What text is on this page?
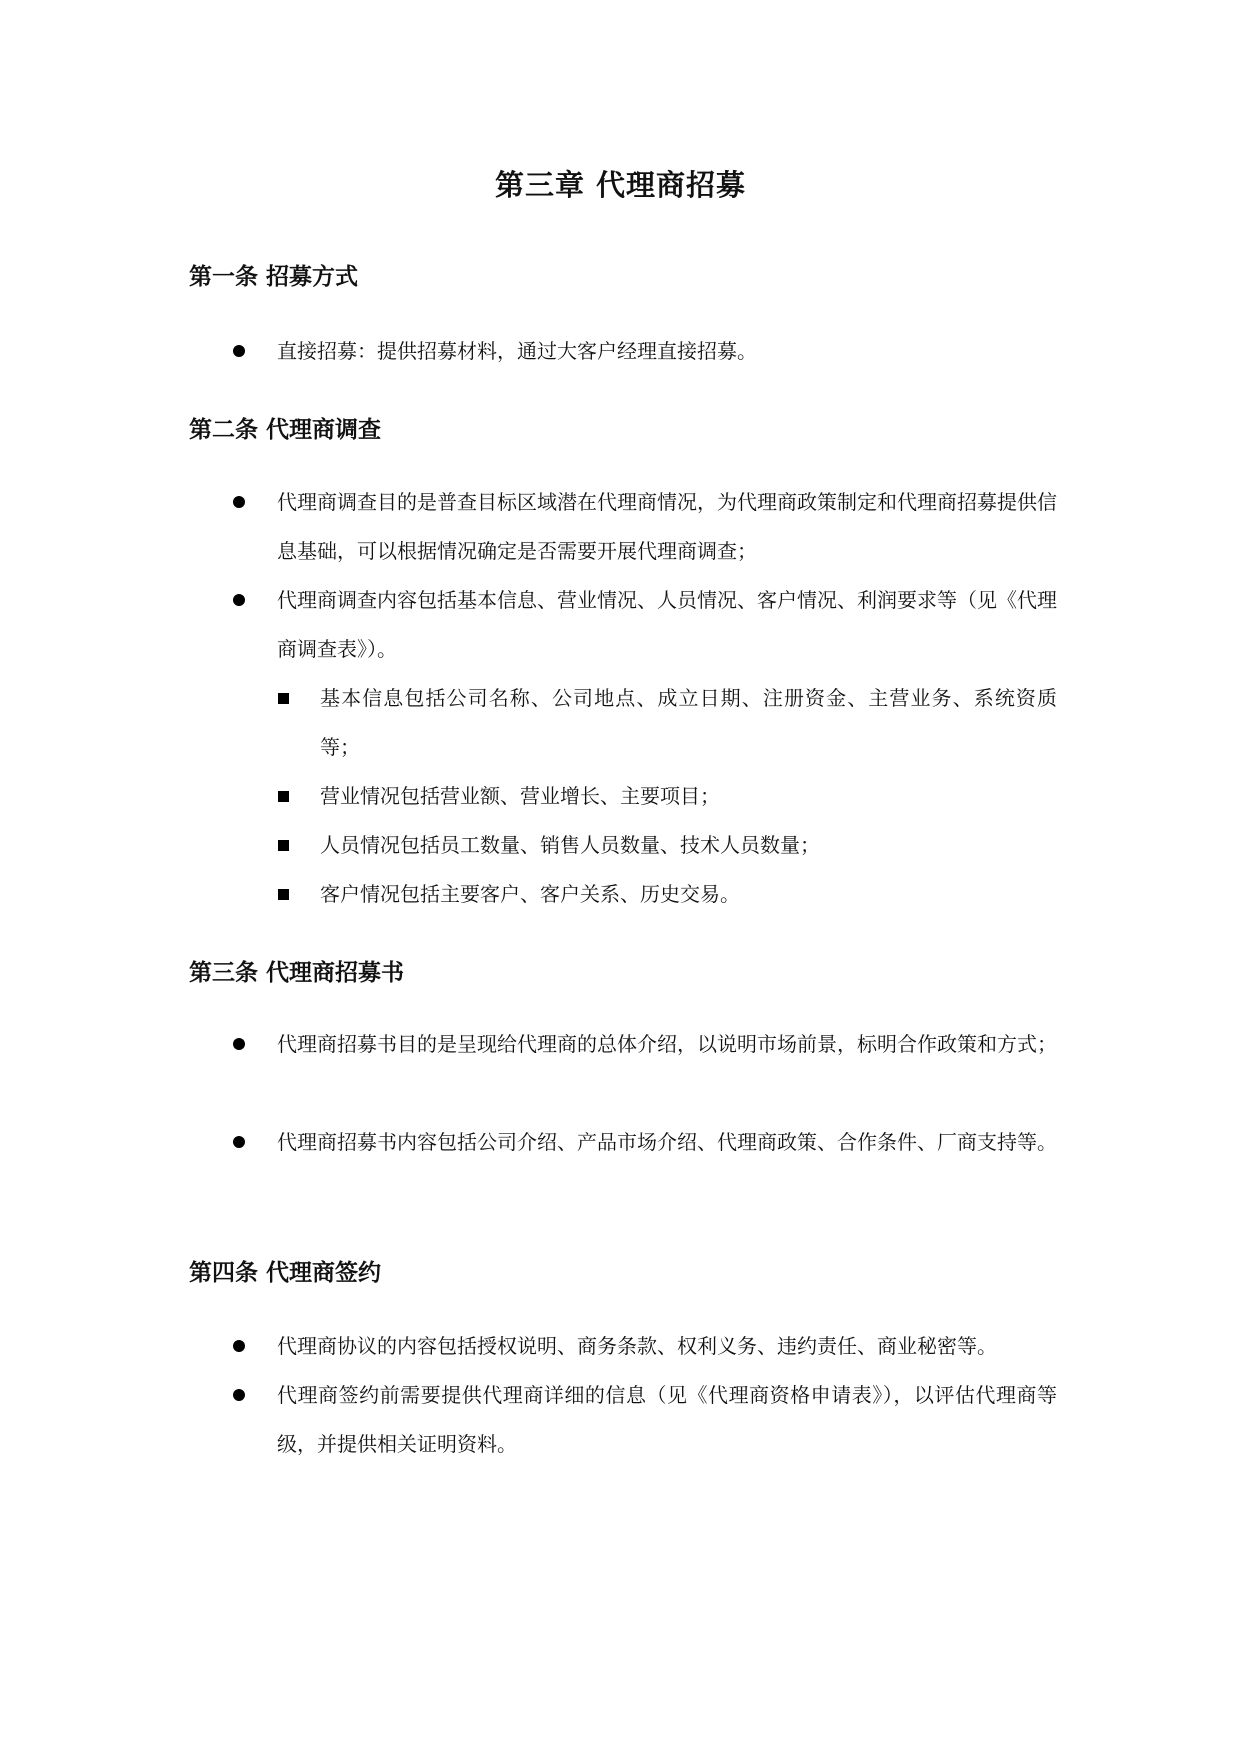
第三章 代理商招募
第一条 招募方式
直接招募：提供招募材料，通过大客户经理直接招募。
第二条 代理商调查
代理商调查目的是普查目标区域潜在代理商情况，为代理商政策制定和代理商招募提供信息基础，可以根据情况确定是否需要开展代理商调查；
代理商调查内容包括基本信息、营业情况、人员情况、客户情况、利润要求等（见《代理商调查表》）。
基本信息包括公司名称、公司地点、成立日期、注册资金、主营业务、系统资质等；
营业情况包括营业额、营业增长、主要项目；
人员情况包括员工数量、销售人员数量、技术人员数量；
客户情况包括主要客户、客户关系、历史交易。
第三条 代理商招募书
代理商招募书目的是呈现给代理商的总体介绍，以说明市场前景，标明合作政策和方式；
代理商招募书内容包括公司介绍、产品市场介绍、代理商政策、合作条件、厂商支持等。
第四条 代理商签约
代理商协议的内容包括授权说明、商务条款、权利义务、违约责任、商业秘密等。
代理商签约前需要提供代理商详细的信息（见《代理商资格申请表》），以评估代理商等级，并提供相关证明资料。
